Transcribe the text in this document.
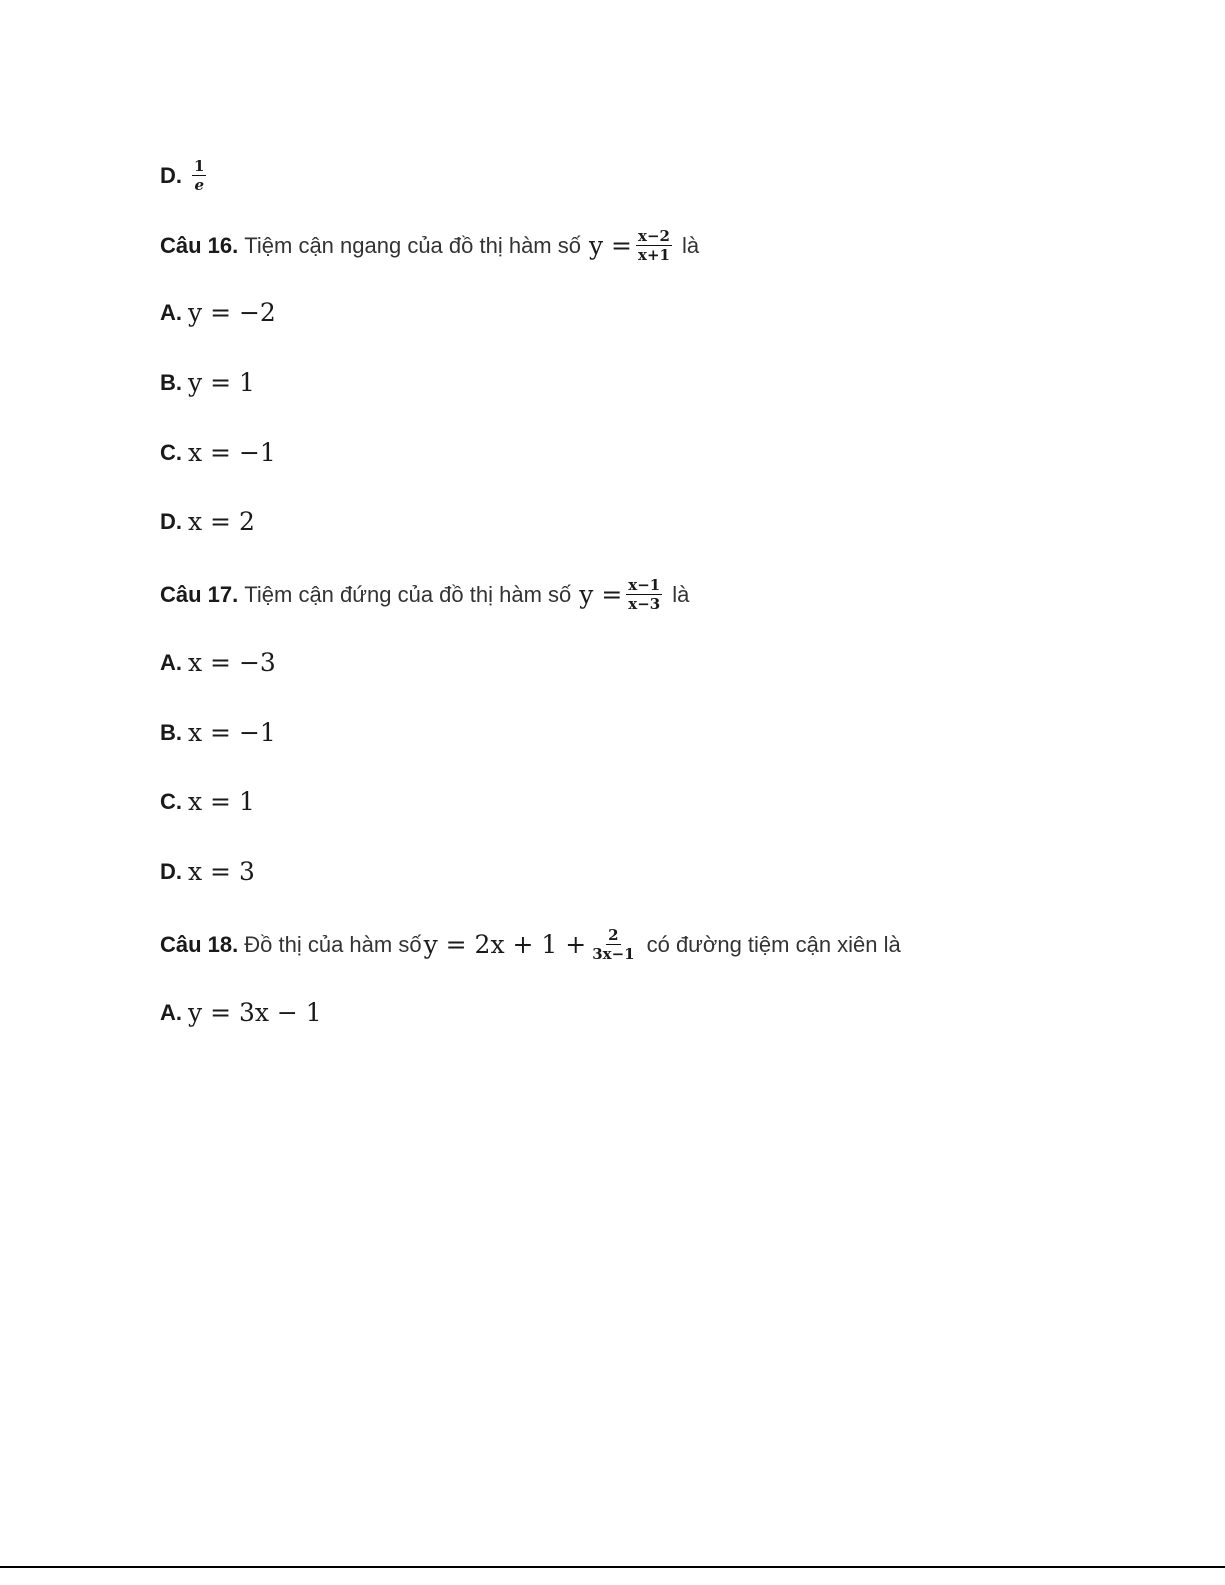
D. $\frac{1}{e}$
Câu 16. Tiệm cận ngang của đồ thị hàm số $y = \frac{x-2}{x+1}$ là
A. y = −2
B. y = 1
C. x = −1
D. x = 2
Câu 17. Tiệm cận đứng của đồ thị hàm số $y = \frac{x-1}{x-3}$ là
A. x = −3
B. x = −1
C. x = 1
D. x = 3
Câu 18. Đồ thị của hàm số $y = 2x + 1 + \frac{2}{3x-1}$ có đường tiệm cận xiên là
A. y = 3x − 1
